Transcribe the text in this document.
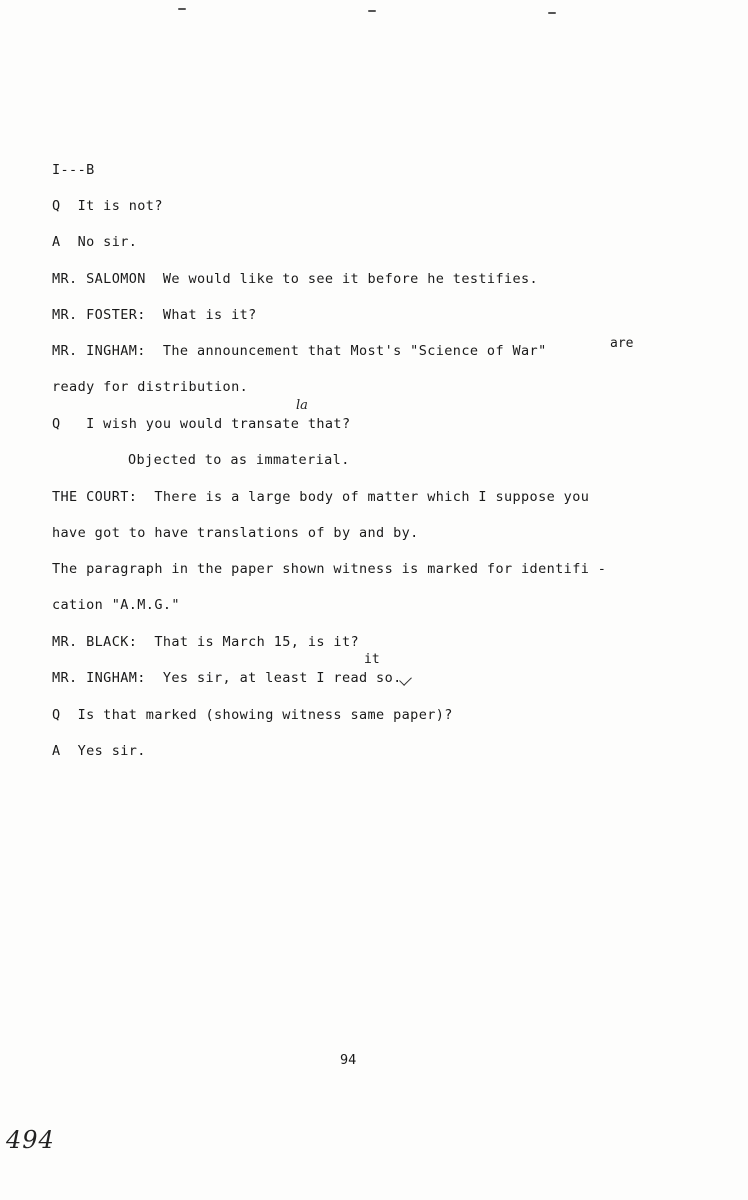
I---B
Q  It is not?
A  No sir.
MR. SALOMON  We would like to see it before he testifies.
MR. FOSTER:  What is it?
MR. INGHAM:  The announcement that Most's "Science of War"	are
ready for distribution.
Q   I wish you would transate that?
la
Objected to as immaterial.
THE COURT:  There is a large body of matter which I suppose you
have got to have translations of by and by.
The paragraph in the paper shown witness is marked for identifi -
cation "A.M.G."
MR. BLACK:  That is March 15, is it?
it
MR. INGHAM:  Yes sir, at least I read so.
Q  Is that marked (showing witness same paper)?
A  Yes sir.
94
494
